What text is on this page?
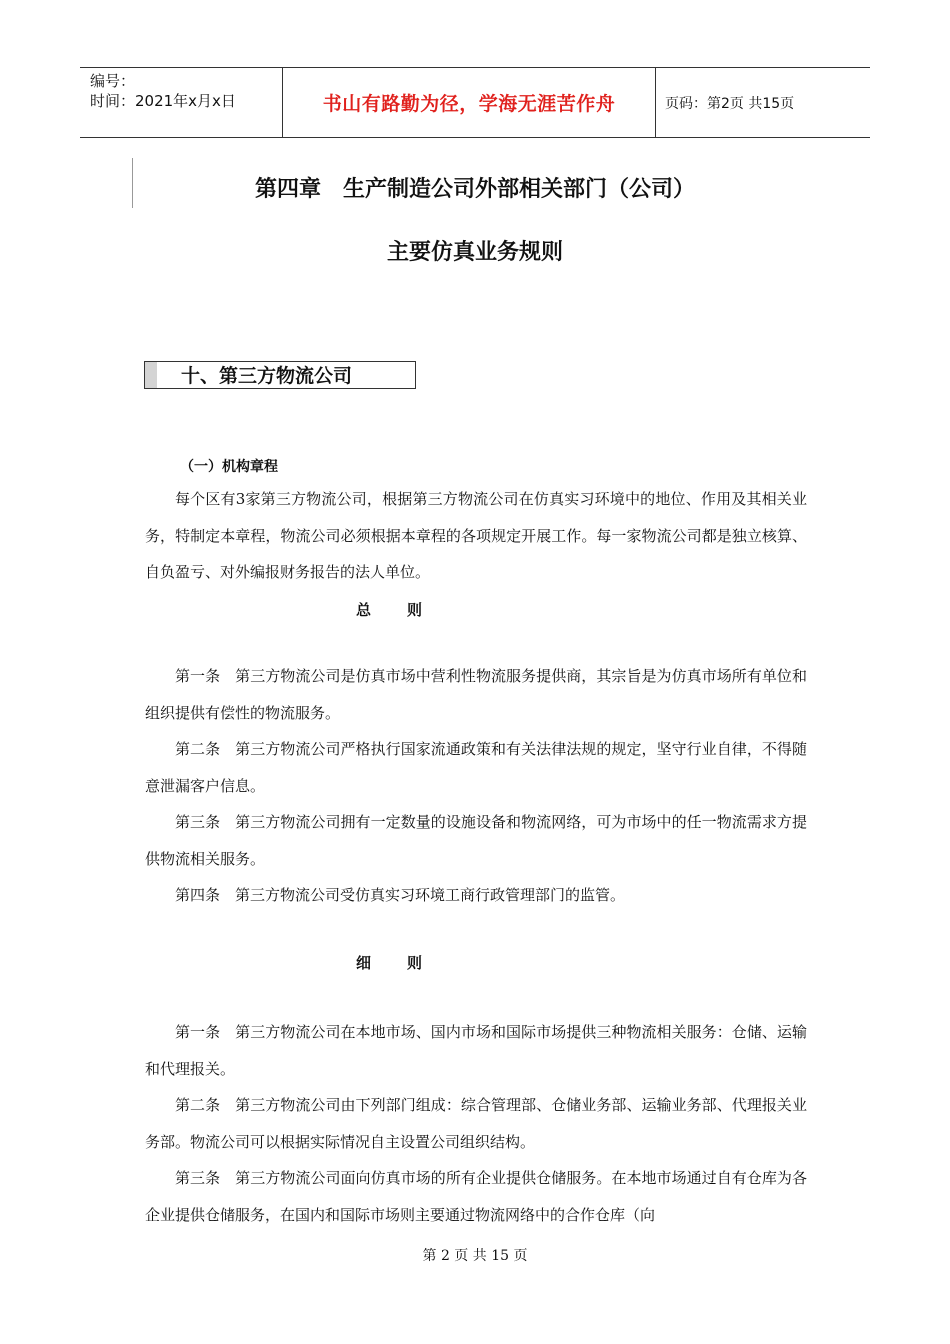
编号：
时间：2021年x月x日	书山有路勤为径，学海无涯苦作舟	页码：第2页 共15页
第四章　生产制造公司外部相关部门（公司）
主要仿真业务规则
十、第三方物流公司
（一）机构章程

每个区有3家第三方物流公司，根据第三方物流公司在仿真实习环境中的地位、作用及其相关业务，特制定本章程，物流公司必须根据本章程的各项规定开展工作。每一家物流公司都是独立核算、自负盈亏、对外编报财务报告的法人单位。

总　　则
第一条 第三方物流公司是仿真市场中营利性物流服务提供商，其宗旨是为仿真市场所有单位和组织提供有偿性的物流服务。
第二条 第三方物流公司严格执行国家流通政策和有关法律法规的规定，坚守行业自律，不得随意泄漏客户信息。
第三条 第三方物流公司拥有一定数量的设施设备和物流网络，可为市场中的任一物流需求方提供物流相关服务。
第四条 第三方物流公司受仿真实习环境工商行政管理部门的监管。
细　　则
第一条 第三方物流公司在本地市场、国内市场和国际市场提供三种物流相关服务：仓储、运输和代理报关。
第二条 第三方物流公司由下列部门组成：综合管理部、仓储业务部、运输业务部、代理报关业务部。物流公司可以根据实际情况自主设置公司组织结构。
第三条 第三方物流公司面向仿真市场的所有企业提供仓储服务。在本地市场通过自有仓库为各企业提供仓储服务，在国内和国际市场则主要通过物流网络中的合作仓库（向
第 2 页 共 15 页
